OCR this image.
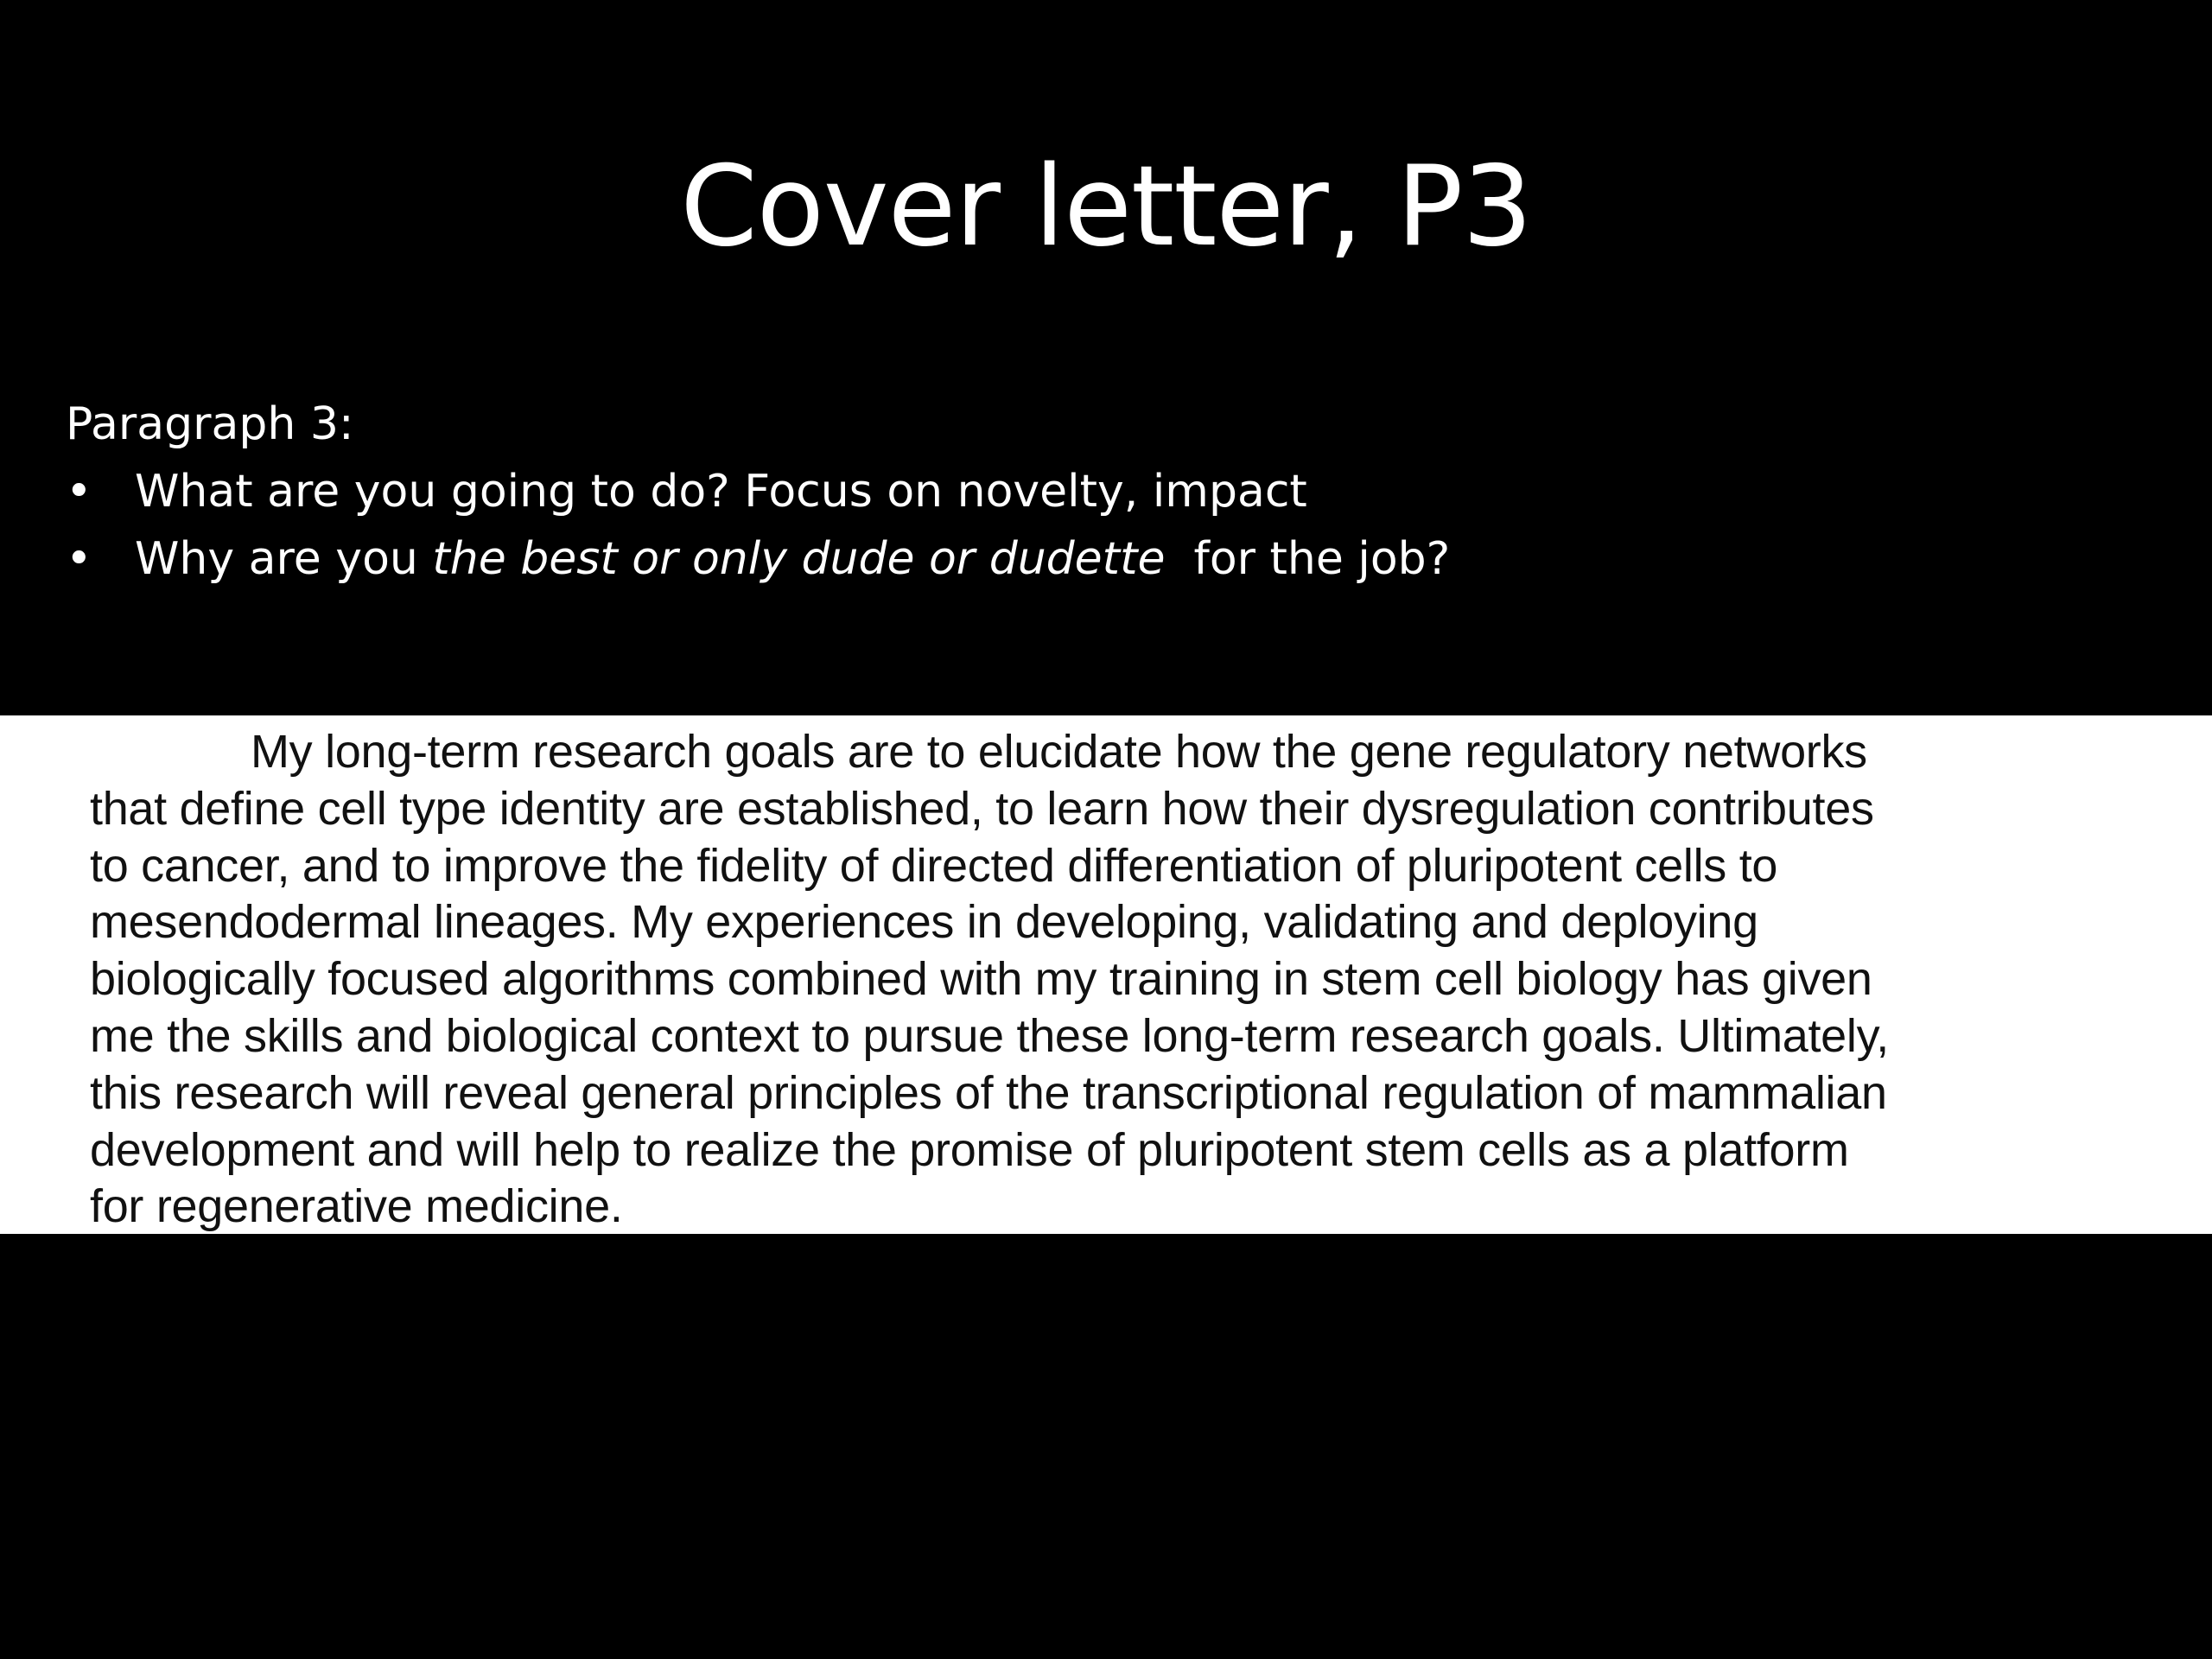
Cover letter, P3
Paragraph 3:
• What are you going to do? Focus on novelty, impact
• Why are you the best or only dude or dudette  for the job?
My long-term research goals are to elucidate how the gene regulatory networks
that define cell type identity are established, to learn how their dysregulation contributes
to cancer, and to improve the fidelity of directed differentiation of pluripotent cells to
mesendodermal lineages. My experiences in developing, validating and deploying
biologically focused algorithms combined with my training in stem cell biology has given
me the skills and biological context to pursue these long-term research goals. Ultimately,
this research will reveal general principles of the transcriptional regulation of mammalian
development and will help to realize the promise of pluripotent stem cells as a platform
for regenerative medicine.
